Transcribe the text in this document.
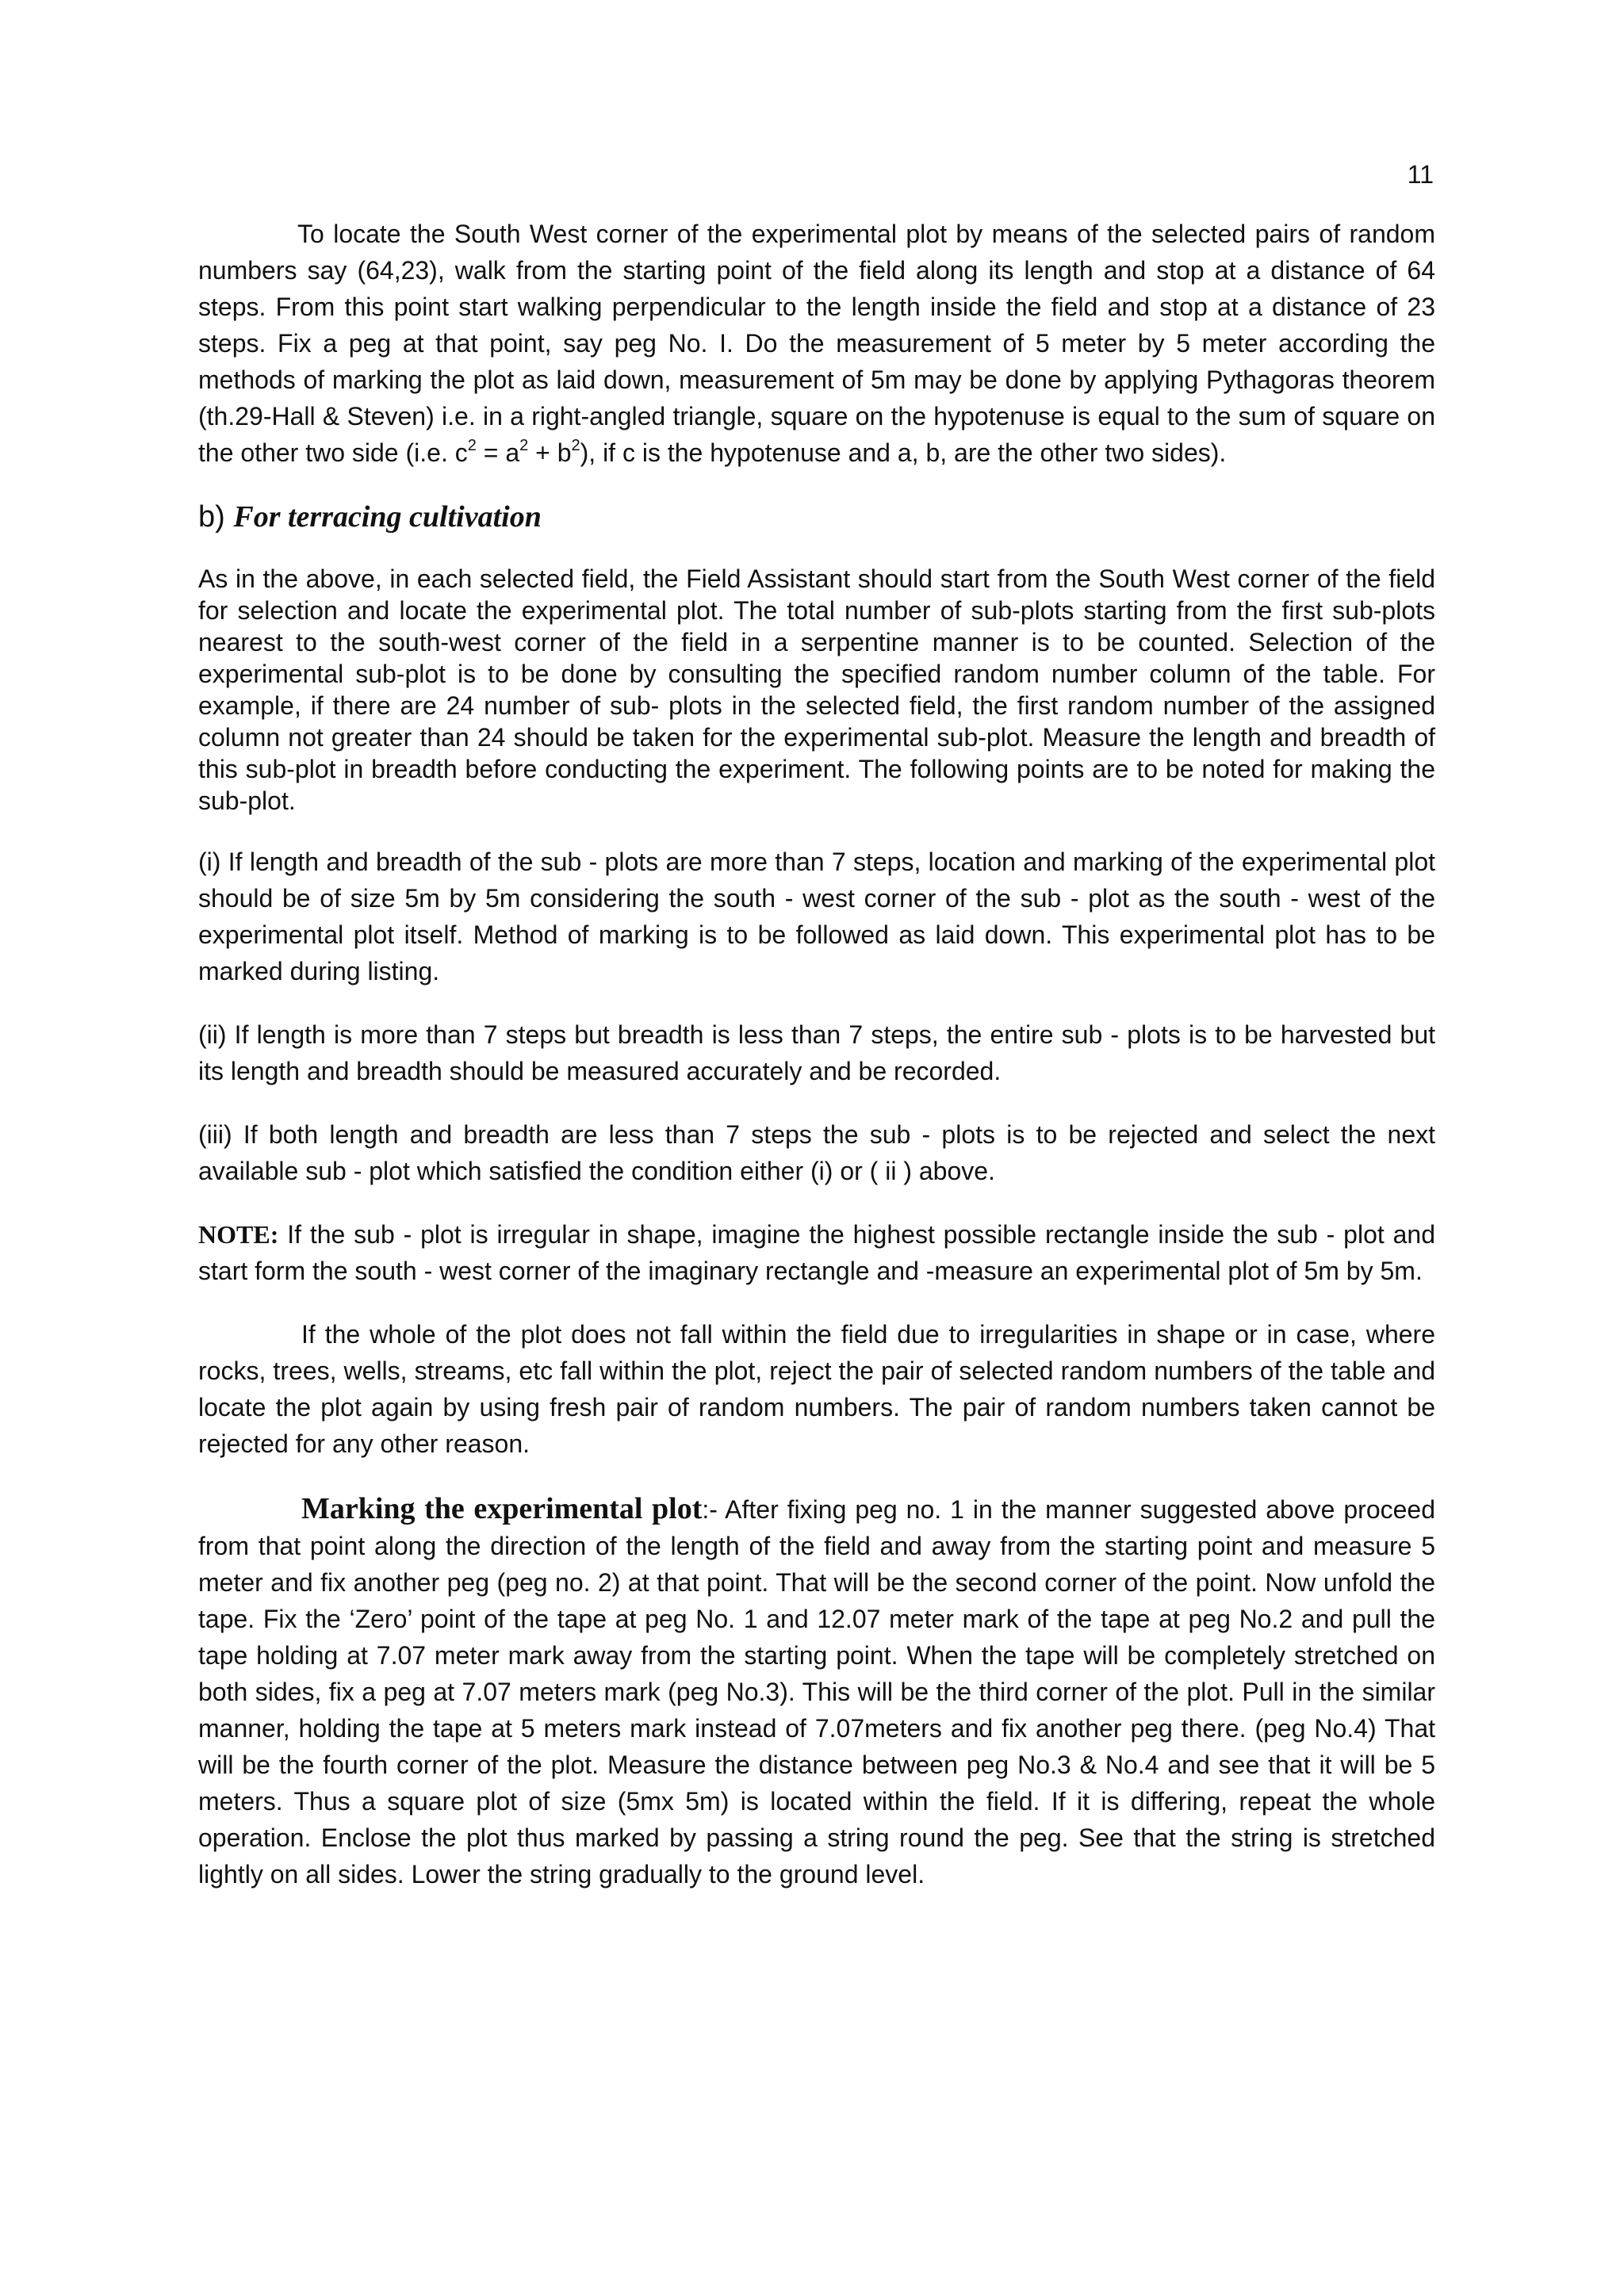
11

To locate the South West corner of the experimental plot by means of the selected pairs of random numbers say (64,23), walk from the starting point of the field along its length and stop at a distance of 64 steps. From this point start walking perpendicular to the length inside the field and stop at a distance of 23 steps. Fix a peg at that point, say peg No. I. Do the measurement of 5 meter by 5 meter according the methods of marking the plot as laid down, measurement of 5m may be done by applying Pythagoras theorem (th.29-Hall & Steven) i.e. in a right-angled triangle, square on the hypotenuse is equal to the sum of square on the other two side (i.e. $c^2 = a^2 + b^2$), if c is the hypotenuse and a, b, are the other two sides).

b) For terracing cultivation

As in the above, in each selected field, the Field Assistant should start from the South West corner of the field for selection and locate the experimental plot. The total number of sub-plots starting from the first sub-plots nearest to the south-west corner of the field in a serpentine manner is to be counted. Selection of the experimental sub-plot is to be done by consulting the specified random number column of the table. For example, if there are 24 number of sub- plots in the selected field, the first random number of the assigned column not greater than 24 should be taken for the experimental sub-plot. Measure the length and breadth of this sub-plot in breadth before conducting the experiment. The following points are to be noted for making the sub-plot.

(i) If length and breadth of the sub - plots are more than 7 steps, location and marking of the experimental plot should be of size 5m by 5m considering the south - west corner of the sub - plot as the south - west of the experimental plot itself. Method of marking is to be followed as laid down. This experimental plot has to be marked during listing.

(ii) If length is more than 7 steps but breadth is less than 7 steps, the entire sub - plots is to be harvested but its length and breadth should be measured accurately and be recorded.

(iii) If both length and breadth are less than 7 steps the sub - plots is to be rejected and select the next available sub - plot which satisfied the condition either (i) or ( ii ) above.

NOTE: If the sub - plot is irregular in shape, imagine the highest possible rectangle inside the sub - plot and start form the south - west corner of the imaginary rectangle and -measure an experimental plot of 5m by 5m.

If the whole of the plot does not fall within the field due to irregularities in shape or in case, where rocks, trees, wells, streams, etc fall within the plot, reject the pair of selected random numbers of the table and locate the plot again by using fresh pair of random numbers. The pair of random numbers taken cannot be rejected for any other reason.

Marking the experimental plot:- After fixing peg no. 1 in the manner suggested above proceed from that point along the direction of the length of the field and away from the starting point and measure 5 meter and fix another peg (peg no. 2) at that point. That will be the second corner of the point. Now unfold the tape. Fix the ‘Zero’ point of the tape at peg No. 1 and 12.07 meter mark of the tape at peg No.2 and pull the tape holding at 7.07 meter mark away from the starting point. When the tape will be completely stretched on both sides, fix a peg at 7.07 meters mark (peg No.3). This will be the third corner of the plot. Pull in the similar manner, holding the tape at 5 meters mark instead of 7.07meters and fix another peg there. (peg No.4) That will be the fourth corner of the plot. Measure the distance between peg No.3 & No.4 and see that it will be 5 meters. Thus a square plot of size (5mx 5m) is located within the field. If it is differing, repeat the whole operation. Enclose the plot thus marked by passing a string round the peg. See that the string is stretched lightly on all sides. Lower the string gradually to the ground level.
